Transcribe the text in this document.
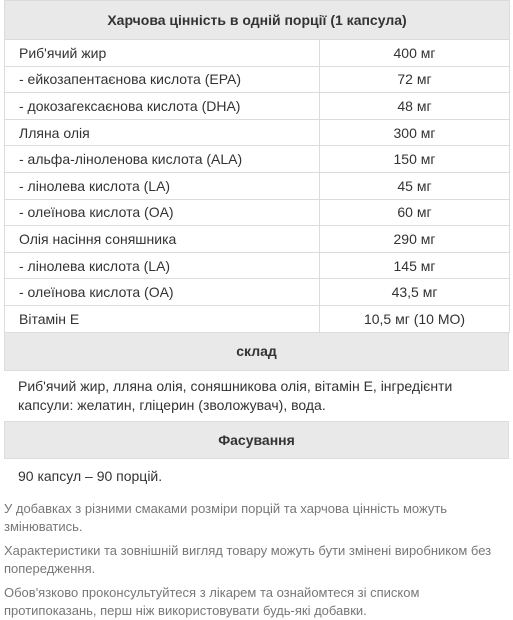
Харчова цінність в одній порції (1 капсула)	
Риб'ячий жир	400 мг
- ейкозапентаєнова кислота (EPA)	72 мг
- докозагексаєнова кислота (DHA)	48 мг
Лляна олія	300 мг
- альфа-ліноленова кислота (ALA)	150 мг
- лінолева кислота (LA)	45 мг
- олеїнова кислота (OA)	60 мг
Олія насіння соняшника	290 мг
- лінолева кислота (LA)	145 мг
- олеїнова кислота (OA)	43,5 мг
Вітамін Е	10,5 мг (10 МО)
склад
Риб'ячий жир, лляна олія, соняшникова олія, вітамін Е, інгредієнти капсули: желатин, гліцерин (зволожувач), вода.
Фасування
90 капсул – 90 порцій.

У добавках з різними смаками розміри порцій та харчова цінність можуть змінюватись.

Характеристики та зовнішній вигляд товару можуть бути змінені виробником без попередження.

Обов'язково проконсультуйтеся з лікарем та ознайомтеся зі списком протипоказань, перш ніж використовувати будь-які добавки.
